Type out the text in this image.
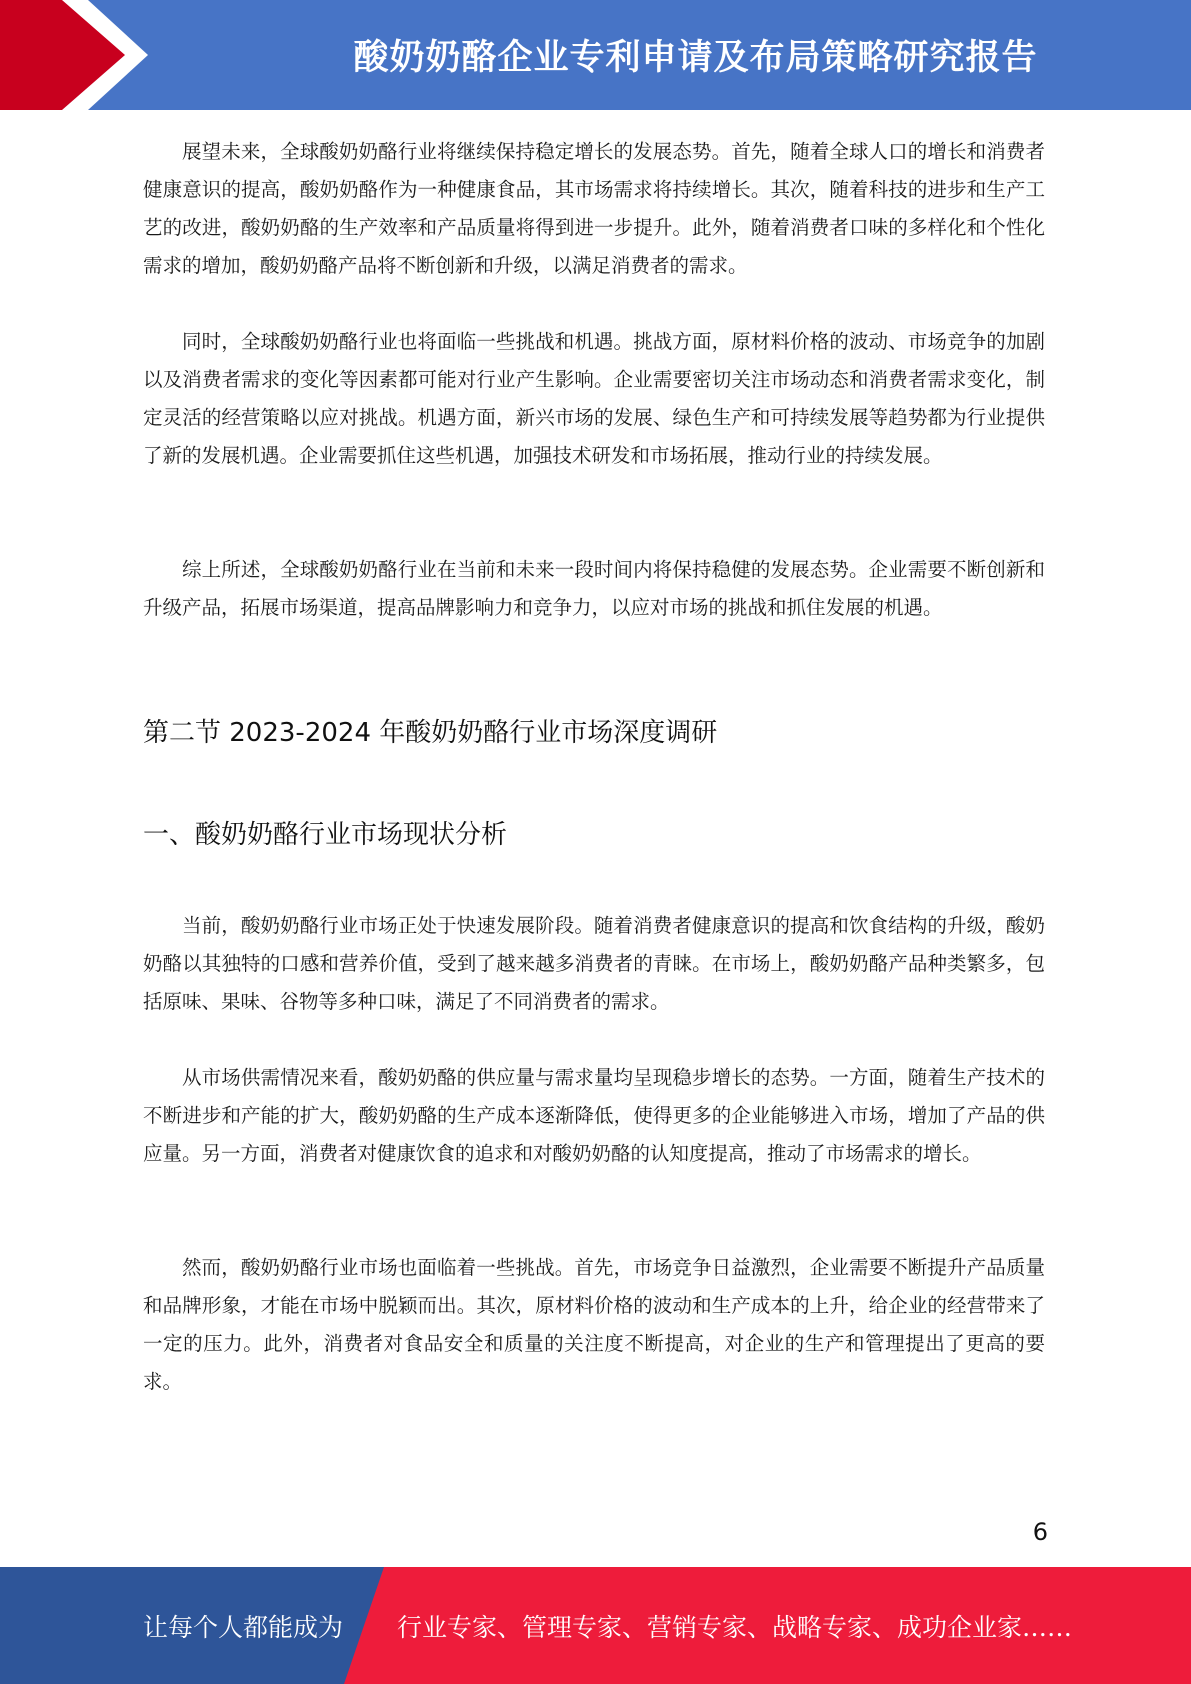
酸奶奶酪企业专利申请及布局策略研究报告

展望未来，全球酸奶奶酪行业将继续保持稳定增长的发展态势。首先，随着全球人口的增长和消费者健康意识的提高，酸奶奶酪作为一种健康食品，其市场需求将持续增长。其次，随着科技的进步和生产工艺的改进，酸奶奶酪的生产效率和产品质量将得到进一步提升。此外，随着消费者口味的多样化和个性化需求的增加，酸奶奶酪产品将不断创新和升级，以满足消费者的需求。

同时，全球酸奶奶酪行业也将面临一些挑战和机遇。挑战方面，原材料价格的波动、市场竞争的加剧以及消费者需求的变化等因素都可能对行业产生影响。企业需要密切关注市场动态和消费者需求变化，制定灵活的经营策略以应对挑战。机遇方面，新兴市场的发展、绿色生产和可持续发展等趋势都为行业提供了新的发展机遇。企业需要抓住这些机遇，加强技术研发和市场拓展，推动行业的持续发展。

综上所述，全球酸奶奶酪行业在当前和未来一段时间内将保持稳健的发展态势。企业需要不断创新和升级产品，拓展市场渠道，提高品牌影响力和竞争力，以应对市场的挑战和抓住发展的机遇。

第二节 2023-2024 年酸奶奶酪行业市场深度调研
一、酸奶奶酪行业市场现状分析

当前，酸奶奶酪行业市场正处于快速发展阶段。随着消费者健康意识的提高和饮食结构的升级，酸奶奶酪以其独特的口感和营养价值，受到了越来越多消费者的青睐。在市场上，酸奶奶酪产品种类繁多，包括原味、果味、谷物等多种口味，满足了不同消费者的需求。

从市场供需情况来看，酸奶奶酪的供应量与需求量均呈现稳步增长的态势。一方面，随着生产技术的不断进步和产能的扩大，酸奶奶酪的生产成本逐渐降低，使得更多的企业能够进入市场，增加了产品的供应量。另一方面，消费者对健康饮食的追求和对酸奶奶酪的认知度提高，推动了市场需求的增长。

然而，酸奶奶酪行业市场也面临着一些挑战。首先，市场竞争日益激烈，企业需要不断提升产品质量和品牌形象，才能在市场中脱颖而出。其次，原材料价格的波动和生产成本的上升，给企业的经营带来了一定的压力。此外，消费者对食品安全和质量的关注度不断提高，对企业的生产和管理提出了更高的要求。

6
让每个人都能成为 行业专家、管理专家、营销专家、战略专家、成功企业家……
